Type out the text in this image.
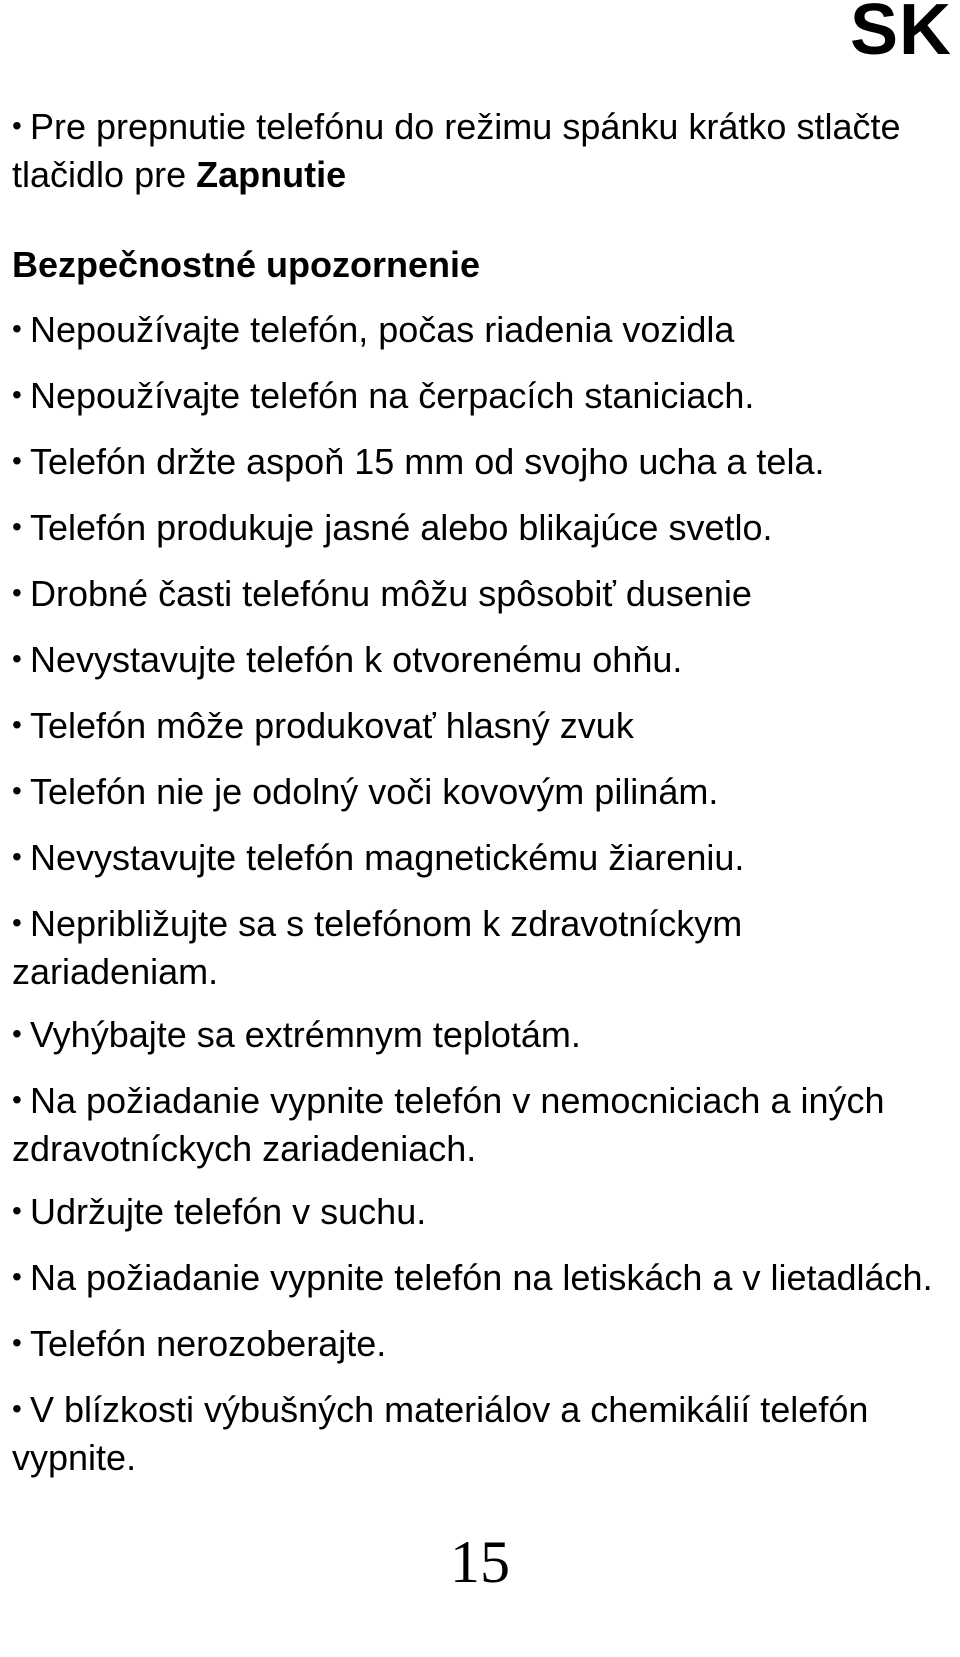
SK

• Pre prepnutie telefónu do režimu spánku krátko stlačte tlačidlo pre Zapnutie

Bezpečnostné upozornenie
• Nepoužívajte telefón, počas riadenia vozidla
• Nepoužívajte telefón na čerpacích staniciach.
• Telefón držte aspoň 15 mm od svojho ucha a tela.
• Telefón produkuje jasné alebo blikajúce svetlo.
• Drobné časti telefónu môžu spôsobiť dusenie
• Nevystavujte telefón k otvorenému ohňu.
• Telefón môže produkovať hlasný zvuk
• Telefón nie je odolný voči kovovým pilinám.
• Nevystavujte telefón magnetickému žiareniu.
• Nepribližujte sa s telefónom k zdravotníckym zariadeniam.
• Vyhýbajte sa extrémnym teplotám.
• Na požiadanie vypnite telefón v nemocniciach a iných zdravotníckych zariadeniach.
• Udržujte telefón v suchu.
• Na požiadanie vypnite telefón na letiskách a v lietadlách.
• Telefón nerozoberajte.
• V blízkosti výbušných materiálov a chemikálií telefón vypnite.
15
